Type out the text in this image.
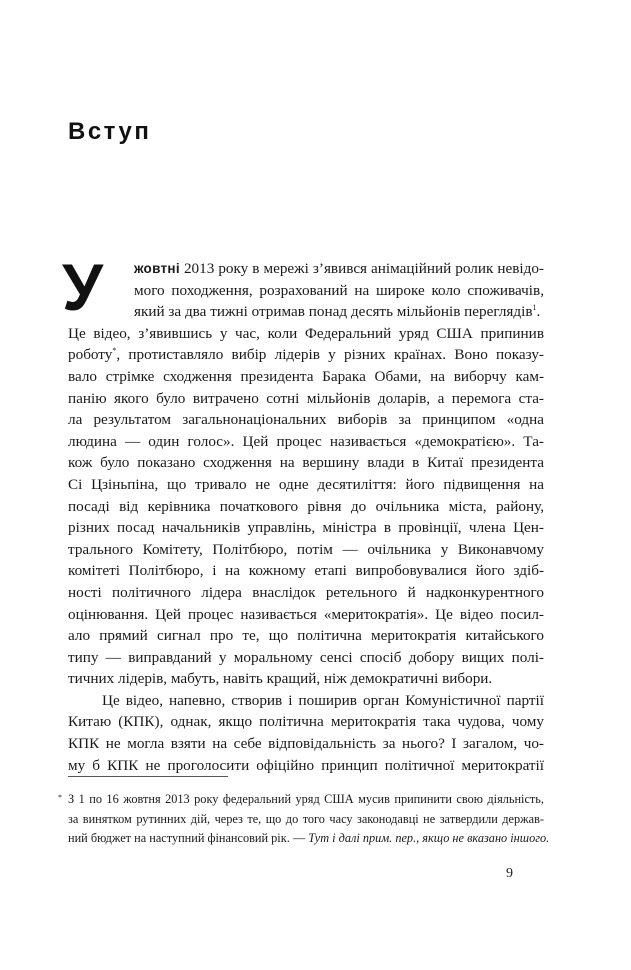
Вступ
У	жовтні 2013 року в мережі з’явився анімаційний ролик невідо-
мого походження, розрахований на широке коло споживачів,
який за два тижні отримав понад десять мільйонів переглядів$^1$.
Це відео, з’явившись у час, коли Федеральний уряд США припинив
роботу*, протиставляло вибір лідерів у різних країнах. Воно показу-
вало стрімке сходження президента Барака Обами, на виборчу кам-
панію якого було витрачено сотні мільйонів доларів, а перемога ста-
ла результатом загальнонаціональних виборів за принципом «одна
людина — один голос». Цей процес називається «демократією». Та-
кож було показано сходження на вершину влади в Китаї президента
Сі Цзіньпіна, що тривало не одне десятиліття: його підвищення на
посаді від керівника початкового рівня до очільника міста, району,
різних посад начальників управлінь, міністра в провінції, члена Цен-
трального Комітету, Політбюро, потім — очільника у Виконавчому
комітеті Політбюро, і на кожному етапі випробовувалися його здіб-
ності політичного лідера внаслідок ретельного й надконкурентного
оцінювання. Цей процес називається «меритократія». Це відео посил-
ало прямий сигнал про те, що політична меритократія китайського
типу — виправданий у моральному сенсі спосіб добору вищих полі-
тичних лідерів, мабуть, навіть кращий, ніж демократичні вибори.
Це відео, напевно, створив і поширив орган Комуністичної партії
Китаю (КПК), однак, якщо політична меритократія така чудова, чому
КПК не могла взяти на себе відповідальність за нього? І загалом, чо-
му б КПК не проголосити офіційно принцип політичної меритократії
* З 1 по 16 жовтня 2013 року федеральний уряд США мусив припинити свою діяльність,
за винятком рутинних дій, через те, що до того часу законодавці не затвердили держав-
ний бюджет на наступний фінансовий рік. — Тут і далі прим. пер., якщо не вказано іншого.
9
